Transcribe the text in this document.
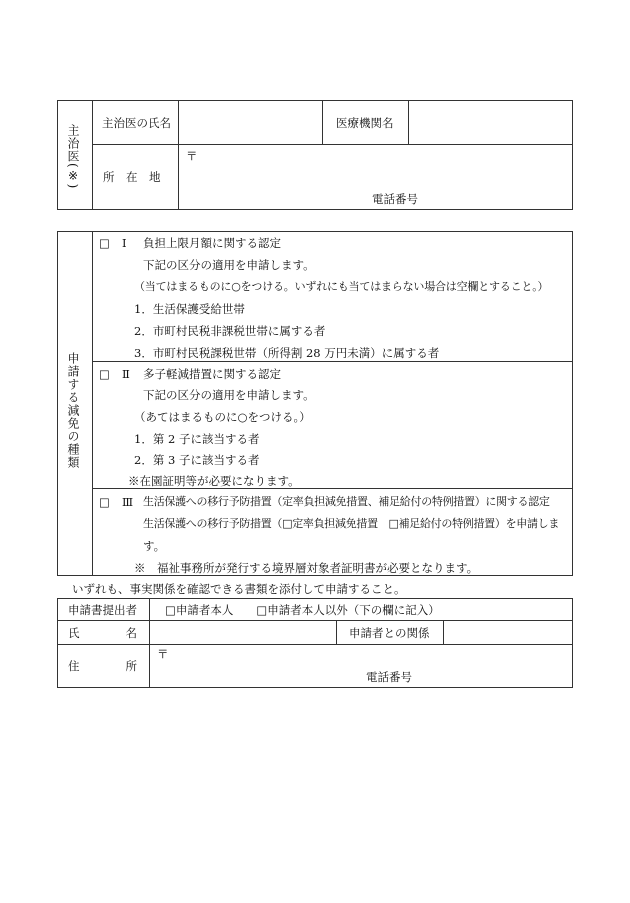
主治医(※)
主治医の氏名	医療機関名
所　在　地
〒
電話番号
申請する減免の種類
□ Ⅰ 負担上限月額に関する認定
下記の区分の適用を申請します。
（当てはまるものに○をつける。いずれにも当てはまらない場合は空欄とすること。）
1．生活保護受給世帯
2．市町村民税非課税世帯に属する者
3．市町村民税課税世帯（所得割 28 万円未満）に属する者
□ Ⅱ 多子軽減措置に関する認定
下記の区分の適用を申請します。
（あてはまるものに○をつける。）
1．第 2 子に該当する者
2．第 3 子に該当する者
※在園証明等が必要になります。
□ Ⅲ 生活保護への移行予防措置（定率負担減免措置、補足給付の特例措置）に関する認定
生活保護への移行予防措置（□定率負担減免措置　□補足給付の特例措置）を申請しま
す。
※　福祉事務所が発行する境界層対象者証明書が必要となります。
いずれも、事実関係を確認できる書類を添付して申請すること。
申請書提出者 □申請者本人　　□申請者本人以外（下の欄に記入）
氏　　　　名	申請者との関係
住　　　　所
〒
電話番号
